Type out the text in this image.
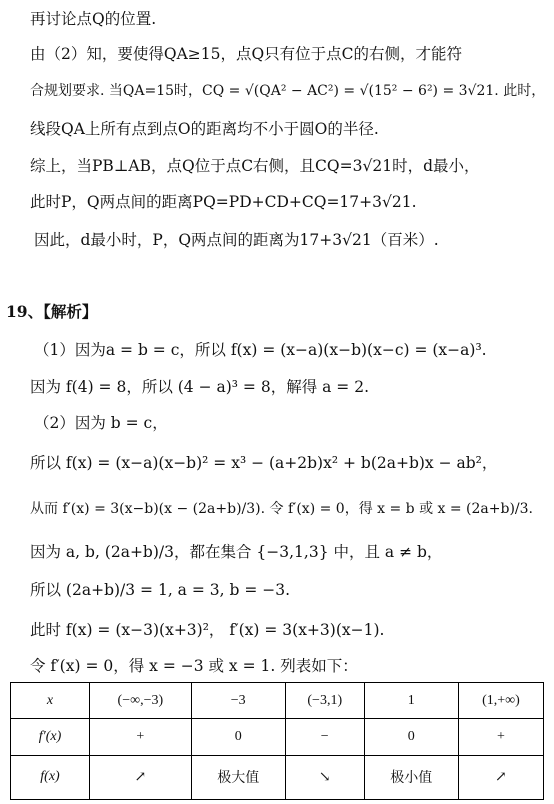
再讨论点Q的位置.
由（2）知，要使得QA≥15，点Q只有位于点C的右侧，才能符
合规划要求. 当QA=15时，CQ = √(QA² − AC²) = √(15² − 6²) = 3√21. 此时，
线段QA上所有点到点O的距离均不小于圆O的半径.
综上，当PB⊥AB，点Q位于点C右侧，且CQ=3√21时，d最小，
此时P，Q两点间的距离PQ=PD+CD+CQ=17+3√21.
因此，d最小时，P，Q两点间的距离为17+3√21（百米）.
19、【解析】
（1）因为a = b = c，所以 f(x) = (x−a)(x−b)(x−c) = (x−a)³.
因为 f(4) = 8，所以 (4 − a)³ = 8，解得 a = 2.
（2）因为 b = c，
所以 f(x) = (x−a)(x−b)² = x³ − (a+2b)x² + b(2a+b)x − ab²，
从而 f′(x) = 3(x−b)(x − (2a+b)/3). 令 f′(x) = 0，得 x = b 或 x = (2a+b)/3.
因为 a, b, (2a+b)/3，都在集合 {−3,1,3} 中，且 a ≠ b，
所以 (2a+b)/3 = 1, a = 3, b = −3.
此时 f(x) = (x−3)(x+3)²， f′(x) = 3(x+3)(x−1).
令 f′(x) = 0，得 x = −3 或 x = 1. 列表如下：
x	(−∞,−3)	−3	(−3,1)	1	(1,+∞)
f′(x)	+	0	−	0	+
f(x)	↗	极大值	↘	极小值	↗
